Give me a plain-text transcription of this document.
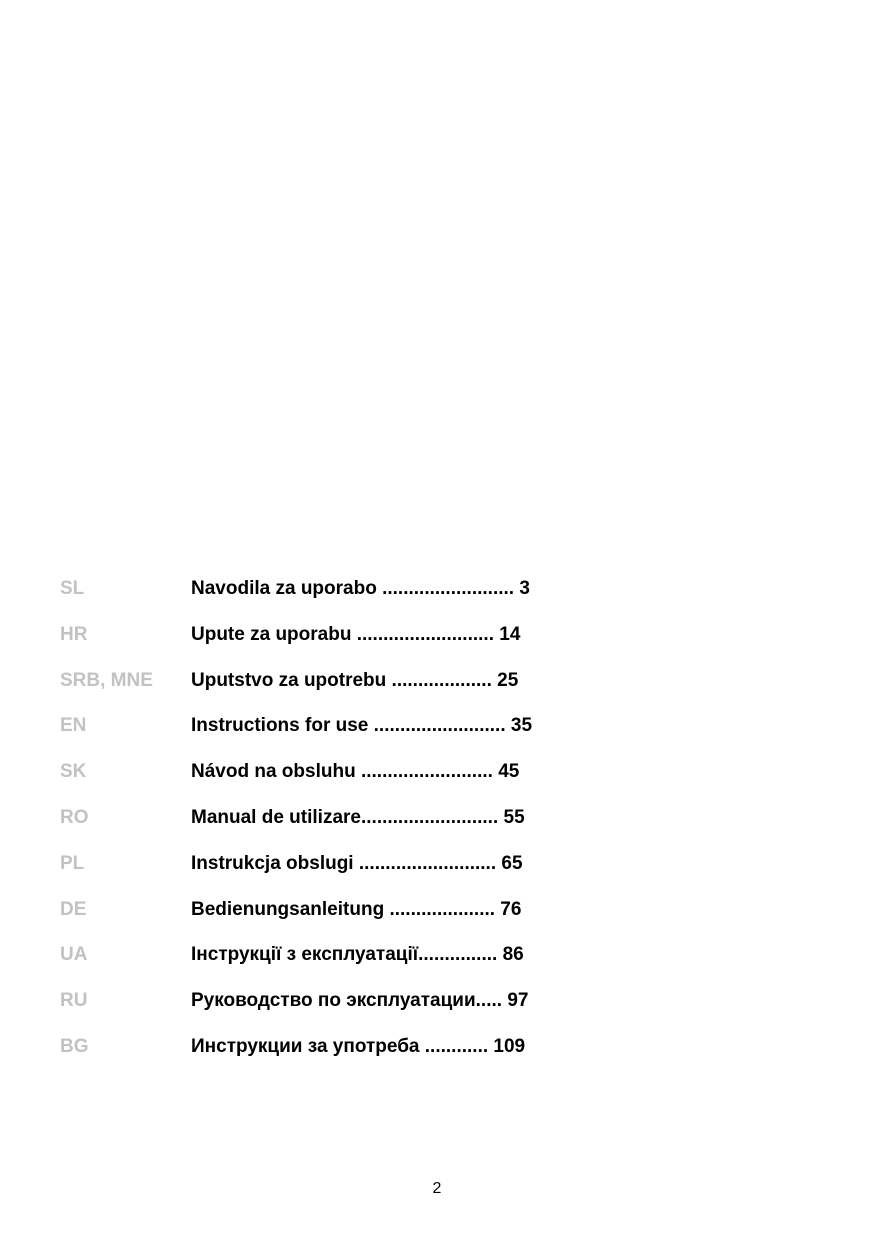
SL	Navodila za uporabo ......................... 3
HR	Upute za uporabu .......................... 14
SRB, MNE	Uputstvo za upotrebu ................... 25
EN	Instructions for use ......................... 35
SK	Návod na obsluhu ......................... 45
RO	Manual de utilizare.......................... 55
PL	Instrukcja obslugi .......................... 65
DE	Bedienungsanleitung .................... 76
UA	Інструкції з експлуатації............... 86
RU	Руководство по эксплуатации..... 97
BG	Инструкции за употреба ............ 109
2
